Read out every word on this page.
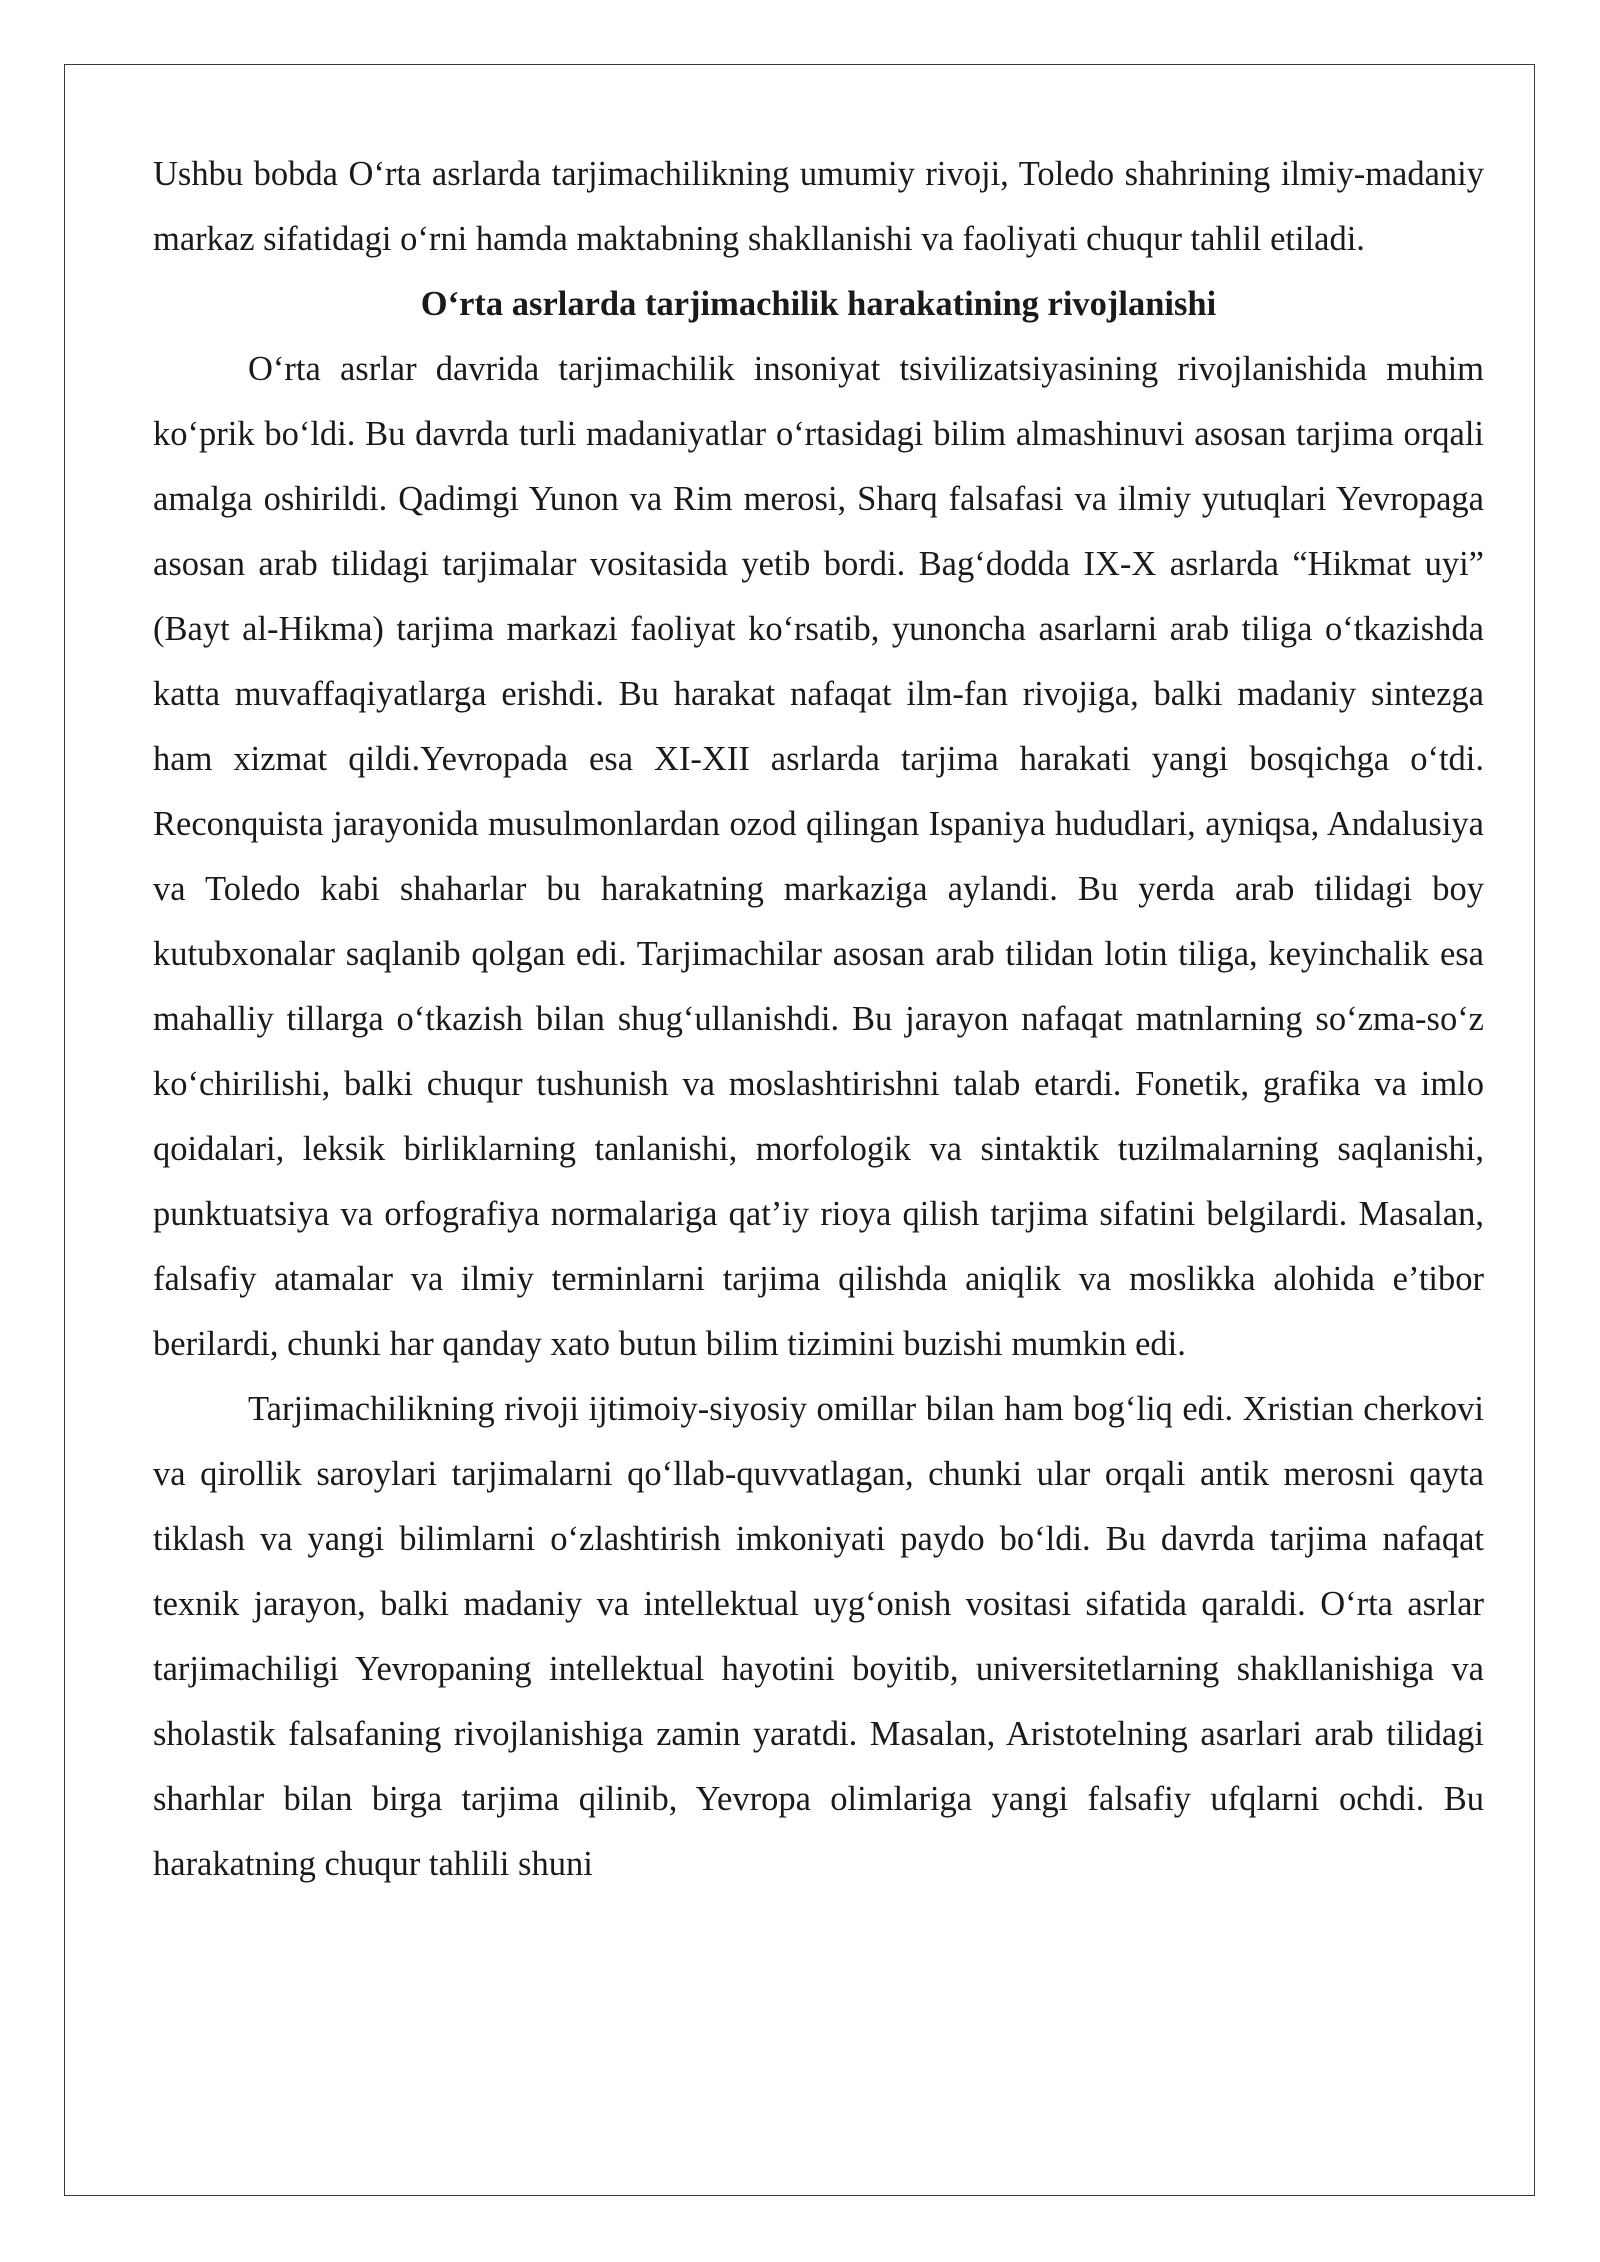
Ushbu bobda O‘rta asrlarda tarjimachilikning umumiy rivoji, Toledo shahrining ilmiy-madaniy markaz sifatidagi o‘rni hamda maktabning shakllanishi va faoliyati chuqur tahlil etiladi.

O‘rta asrlarda tarjimachilik harakatining rivojlanishi

O‘rta asrlar davrida tarjimachilik insoniyat tsivilizatsiyasining rivojlanishida muhim ko‘prik bo‘ldi. Bu davrda turli madaniyatlar o‘rtasidagi bilim almashinuvi asosan tarjima orqali amalga oshirildi. Qadimgi Yunon va Rim merosi, Sharq falsafasi va ilmiy yutuqlari Yevropaga asosan arab tilidagi tarjimalar vositasida yetib bordi. Bag‘dodda IX-X asrlarda “Hikmat uyi” (Bayt al-Hikma) tarjima markazi faoliyat ko‘rsatib, yunoncha asarlarni arab tiliga o‘tkazishda katta muvaffaqiyatlarga erishdi. Bu harakat nafaqat ilm-fan rivojiga, balki madaniy sintezga ham xizmat qildi.Yevropada esa XI-XII asrlarda tarjima harakati yangi bosqichga o‘tdi. Reconquista jarayonida musulmonlardan ozod qilingan Ispaniya hududlari, ayniqsa, Andalusiya va Toledo kabi shaharlar bu harakatning markaziga aylandi. Bu yerda arab tilidagi boy kutubxonalar saqlanib qolgan edi. Tarjimachilar asosan arab tilidan lotin tiliga, keyinchalik esa mahalliy tillarga o‘tkazish bilan shug‘ullanishdi. Bu jarayon nafaqat matnlarning so‘zma-so‘z ko‘chirilishi, balki chuqur tushunish va moslashtirishni talab etardi. Fonetik, grafika va imlo qoidalari, leksik birliklarning tanlanishi, morfologik va sintaktik tuzilmalarning saqlanishi, punktuatsiya va orfografiya normalariga qat’iy rioya qilish tarjima sifatini belgilardi. Masalan, falsafiy atamalar va ilmiy terminlarni tarjima qilishda aniqlik va moslikka alohida e’tibor berilardi, chunki har qanday xato butun bilim tizimini buzishi mumkin edi.

Tarjimachilikning rivoji ijtimoiy-siyosiy omillar bilan ham bog‘liq edi. Xristian cherkovi va qirollik saroylari tarjimalarni qo‘llab-quvvatlagan, chunki ular orqali antik merosni qayta tiklash va yangi bilimlarni o‘zlashtirish imkoniyati paydo bo‘ldi. Bu davrda tarjima nafaqat texnik jarayon, balki madaniy va intellektual uyg‘onish vositasi sifatida qaraldi. O‘rta asrlar tarjimachiligi Yevropaning intellektual hayotini boyitib, universitetlarning shakllanishiga va sholastik falsafaning rivojlanishiga zamin yaratdi. Masalan, Aristotelning asarlari arab tilidagi sharhlar bilan birga tarjima qilinib, Yevropa olimlariga yangi falsafiy ufqlarni ochdi. Bu harakatning chuqur tahlili shuni
